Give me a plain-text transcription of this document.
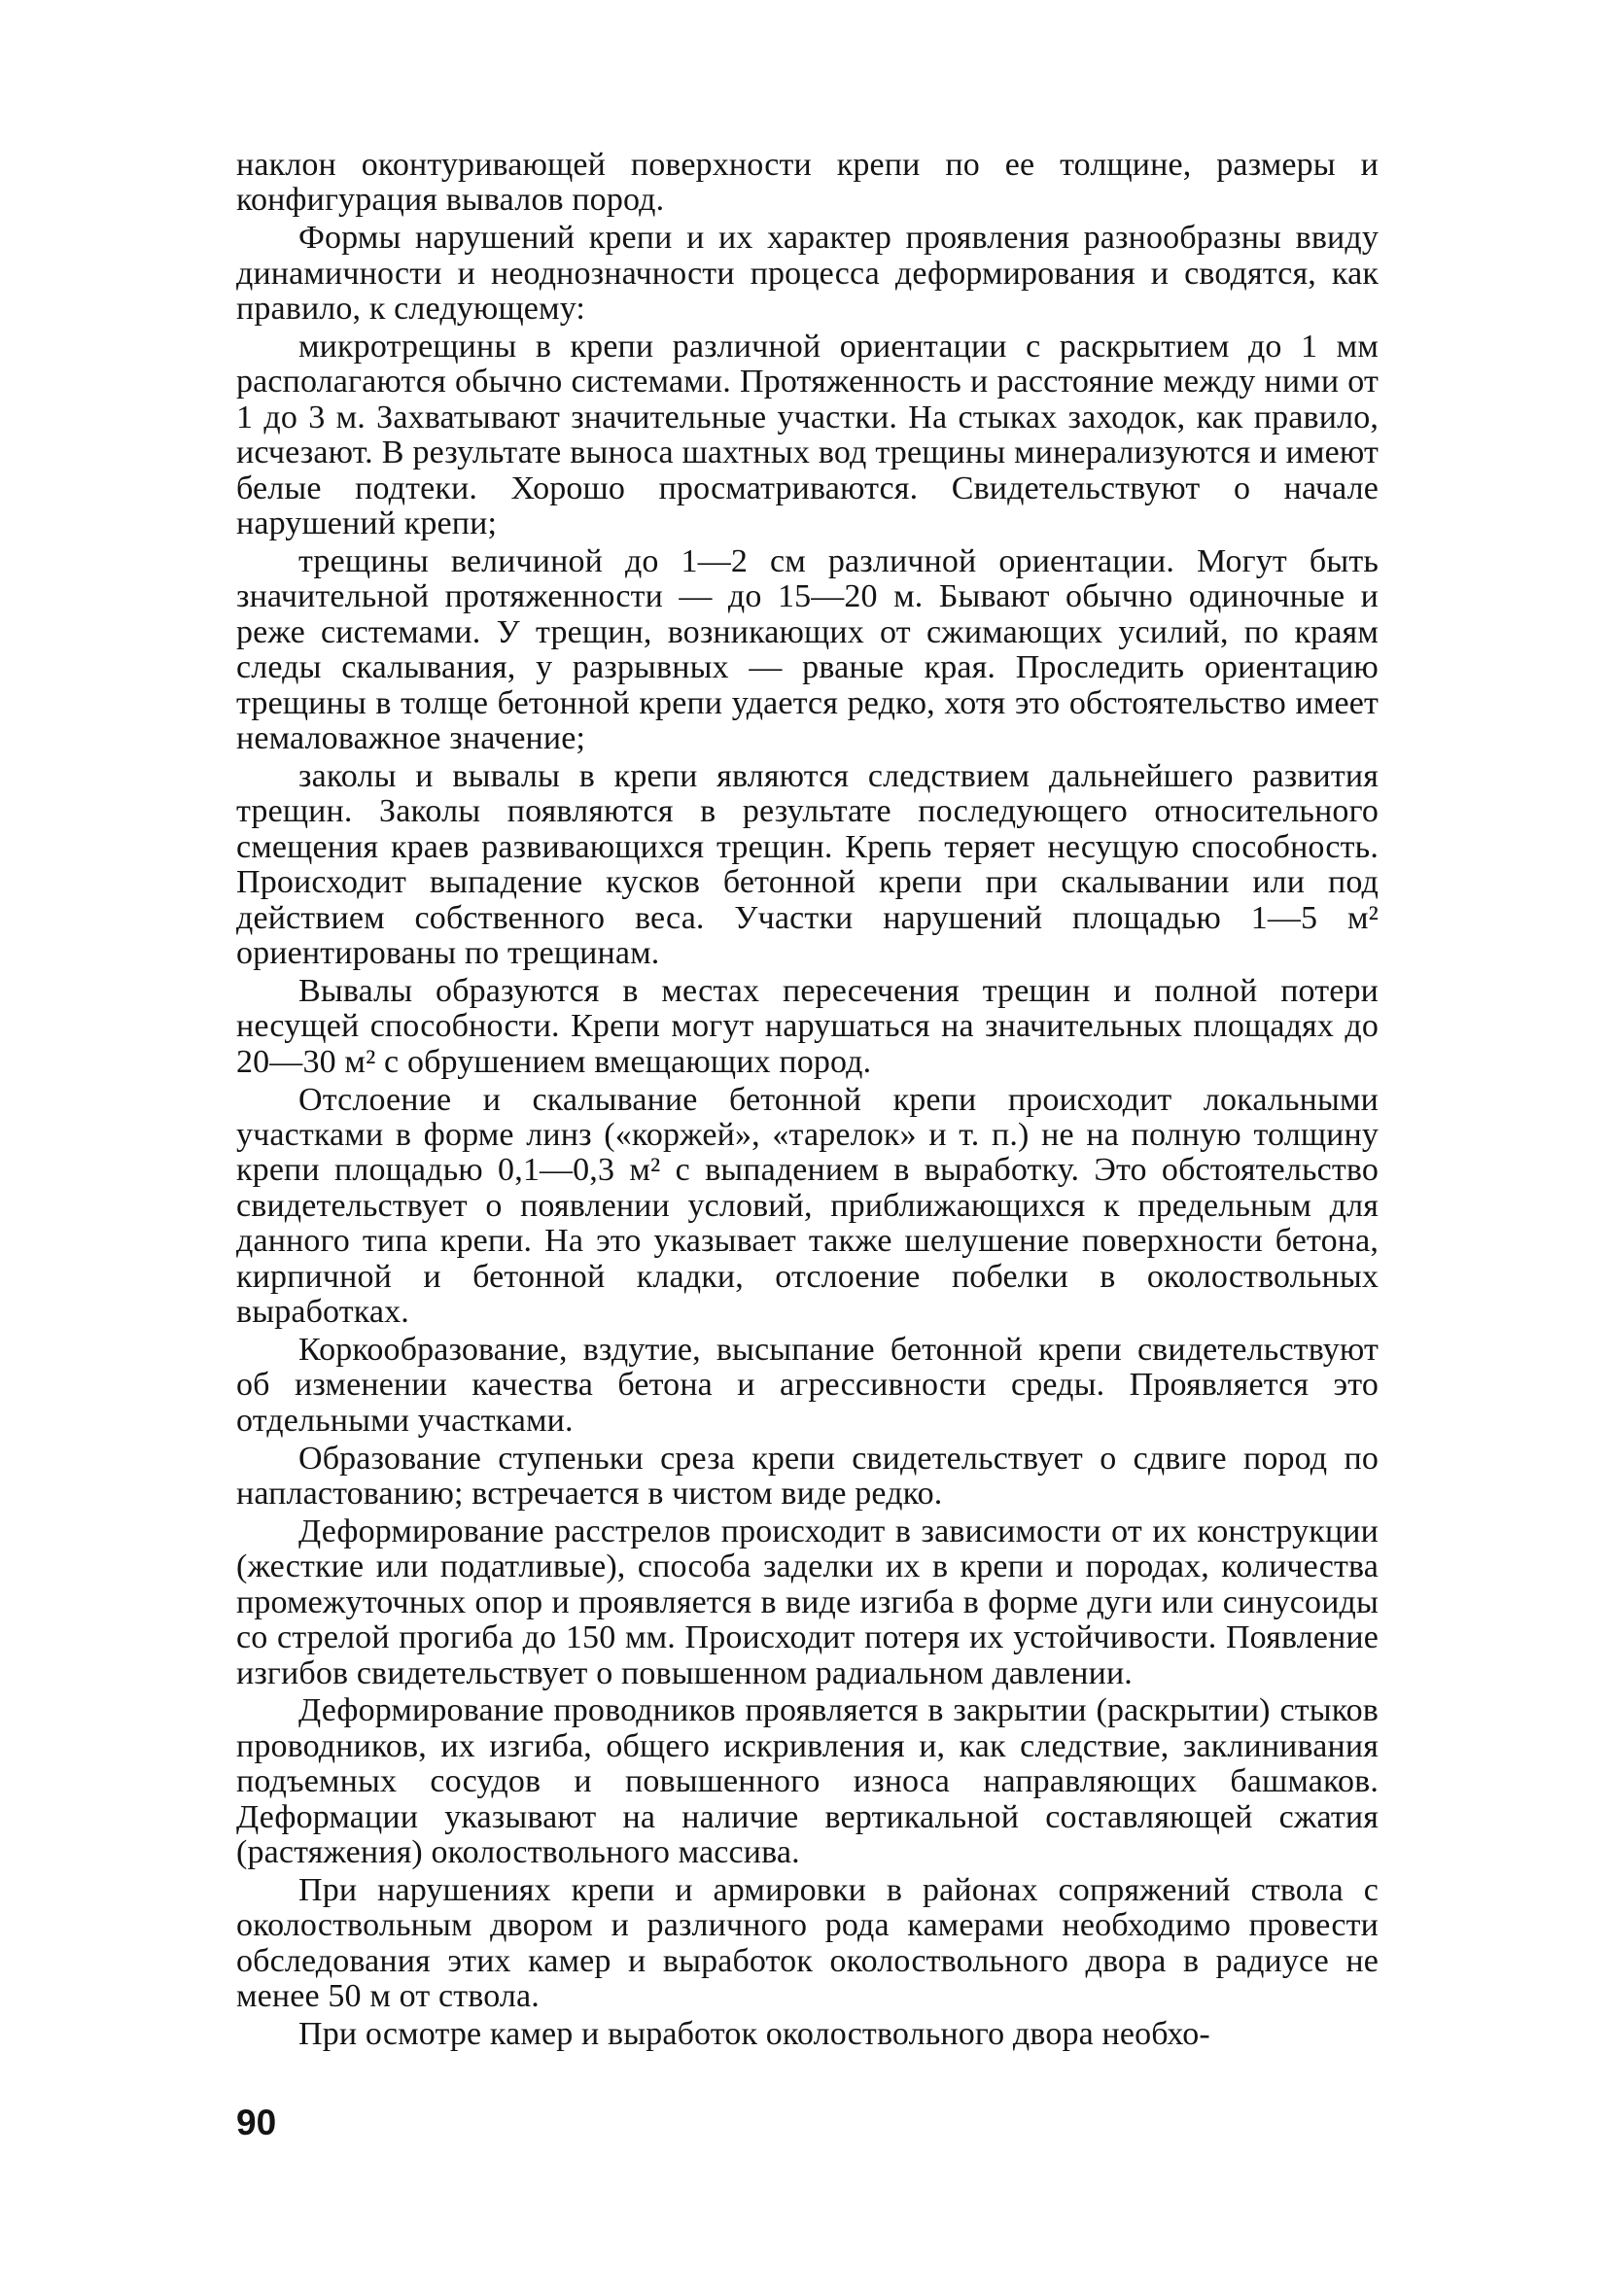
наклон оконтуривающей поверхности крепи по ее толщине, размеры и конфигурация вывалов пород.

Формы нарушений крепи и их характер проявления разнообразны ввиду динамичности и неоднозначности процесса деформирования и сводятся, как правило, к следующему:

микротрещины в крепи различной ориентации с раскрытием до 1 мм располагаются обычно системами. Протяженность и расстояние между ними от 1 до 3 м. Захватывают значительные участки. На стыках заходок, как правило, исчезают. В результате выноса шахтных вод трещины минерализуются и имеют белые подтеки. Хорошо просматриваются. Свидетельствуют о начале нарушений крепи;

трещины величиной до 1—2 см различной ориентации. Могут быть значительной протяженности — до 15—20 м. Бывают обычно одиночные и реже системами. У трещин, возникающих от сжимающих усилий, по краям следы скалывания, у разрывных — рваные края. Проследить ориентацию трещины в толще бетонной крепи удается редко, хотя это обстоятельство имеет немаловажное значение;

заколы и вывалы в крепи являются следствием дальнейшего развития трещин. Заколы появляются в результате последующего относительного смещения краев развивающихся трещин. Крепь теряет несущую способность. Происходит выпадение кусков бетонной крепи при скалывании или под действием собственного веса. Участки нарушений площадью 1—5 м² ориентированы по трещинам.

Вывалы образуются в местах пересечения трещин и полной потери несущей способности. Крепи могут нарушаться на значительных площадях до 20—30 м² с обрушением вмещающих пород.

Отслоение и скалывание бетонной крепи происходит локальными участками в форме линз («коржей», «тарелок» и т. п.) не на полную толщину крепи площадью 0,1—0,3 м² с выпадением в выработку. Это обстоятельство свидетельствует о появлении условий, приближающихся к предельным для данного типа крепи. На это указывает также шелушение поверхности бетона, кирпичной и бетонной кладки, отслоение побелки в околоствольных выработках.

Коркообразование, вздутие, высыпание бетонной крепи свидетельствуют об изменении качества бетона и агрессивности среды. Проявляется это отдельными участками.

Образование ступеньки среза крепи свидетельствует о сдвиге пород по напластованию; встречается в чистом виде редко.

Деформирование расстрелов происходит в зависимости от их конструкции (жесткие или податливые), способа заделки их в крепи и породах, количества промежуточных опор и проявляется в виде изгиба в форме дуги или синусоиды со стрелой прогиба до 150 мм. Происходит потеря их устойчивости. Появление изгибов свидетельствует о повышенном радиальном давлении.

Деформирование проводников проявляется в закрытии (раскрытии) стыков проводников, их изгиба, общего искривления и, как следствие, заклинивания подъемных сосудов и повышенного износа направляющих башмаков. Деформации указывают на наличие вертикальной составляющей сжатия (растяжения) околоствольного массива.

При нарушениях крепи и армировки в районах сопряжений ствола с околоствольным двором и различного рода камерами необходимо провести обследования этих камер и выработок околоствольного двора в радиусе не менее 50 м от ствола.

При осмотре камер и выработок околоствольного двора необхо-

90
